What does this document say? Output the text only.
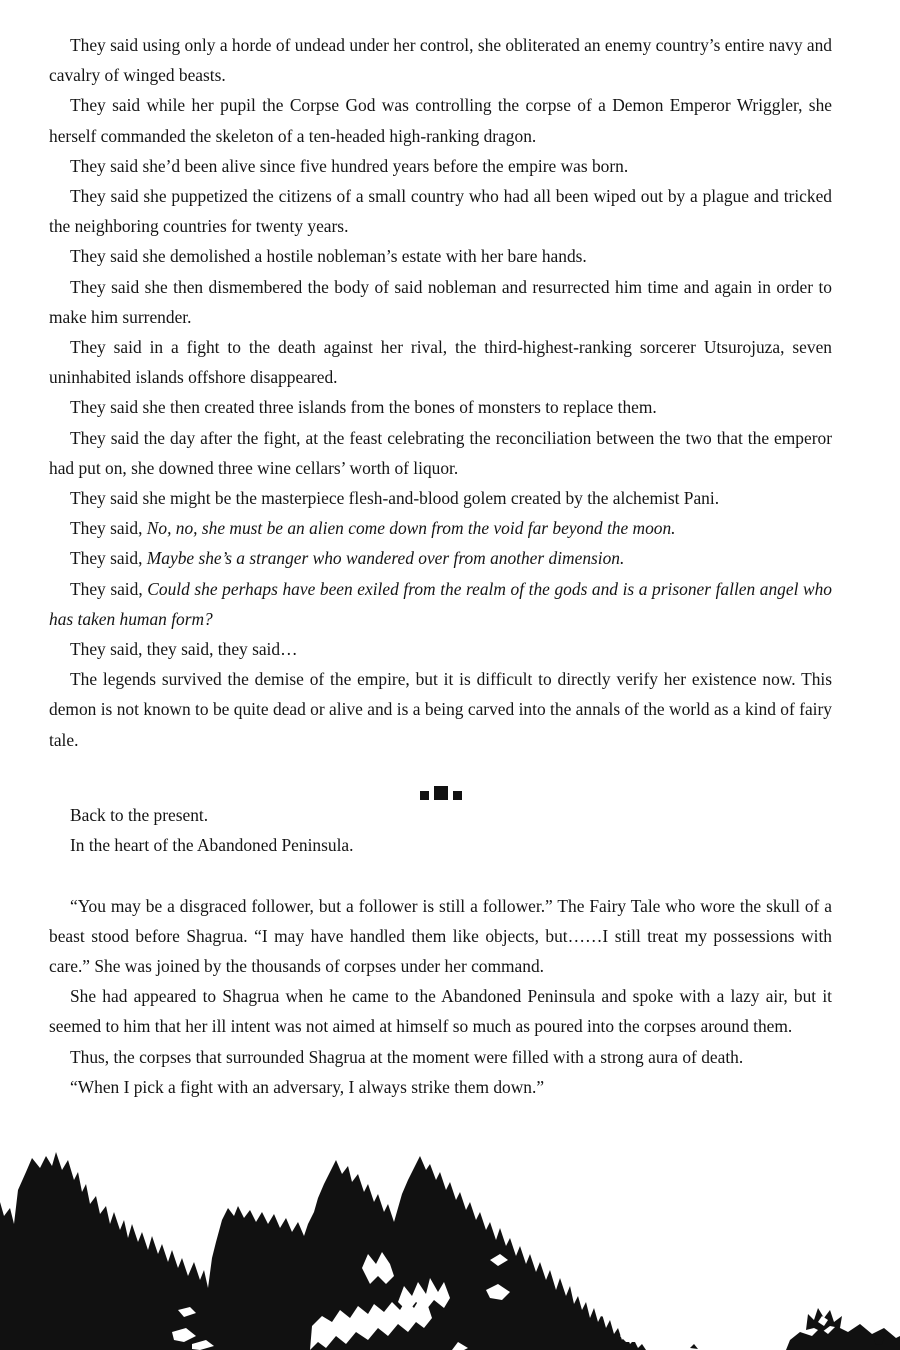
They said using only a horde of undead under her control, she obliterated an enemy country’s entire navy and cavalry of winged beasts.

They said while her pupil the Corpse God was controlling the corpse of a Demon Emperor Wriggler, she herself commanded the skeleton of a ten-headed high-ranking dragon.

They said she’d been alive since five hundred years before the empire was born.

They said she puppetized the citizens of a small country who had all been wiped out by a plague and tricked the neighboring countries for twenty years.

They said she demolished a hostile nobleman’s estate with her bare hands.

They said she then dismembered the body of said nobleman and resurrected him time and again in order to make him surrender.

They said in a fight to the death against her rival, the third-highest-ranking sorcerer Utsurojuza, seven uninhabited islands offshore disappeared.

They said she then created three islands from the bones of monsters to replace them.

They said the day after the fight, at the feast celebrating the reconciliation between the two that the emperor had put on, she downed three wine cellars’ worth of liquor.

They said she might be the masterpiece flesh-and-blood golem created by the alchemist Pani.

They said, No, no, she must be an alien come down from the void far beyond the moon.

They said, Maybe she’s a stranger who wandered over from another dimension.

They said, Could she perhaps have been exiled from the realm of the gods and is a prisoner fallen angel who has taken human form?

They said, they said, they said…

The legends survived the demise of the empire, but it is difficult to directly verify her existence now. This demon is not known to be quite dead or alive and is a being carved into the annals of the world as a kind of fairy tale.

Back to the present.

In the heart of the Abandoned Peninsula.

“You may be a disgraced follower, but a follower is still a follower.” The Fairy Tale who wore the skull of a beast stood before Shagrua. “I may have handled them like objects, but……I still treat my possessions with care.” She was joined by the thousands of corpses under her command.

She had appeared to Shagrua when he came to the Abandoned Peninsula and spoke with a lazy air, but it seemed to him that her ill intent was not aimed at himself so much as poured into the corpses around them.

Thus, the corpses that surrounded Shagrua at the moment were filled with a strong aura of death.

“When I pick a fight with an adversary, I always strike them down.”
